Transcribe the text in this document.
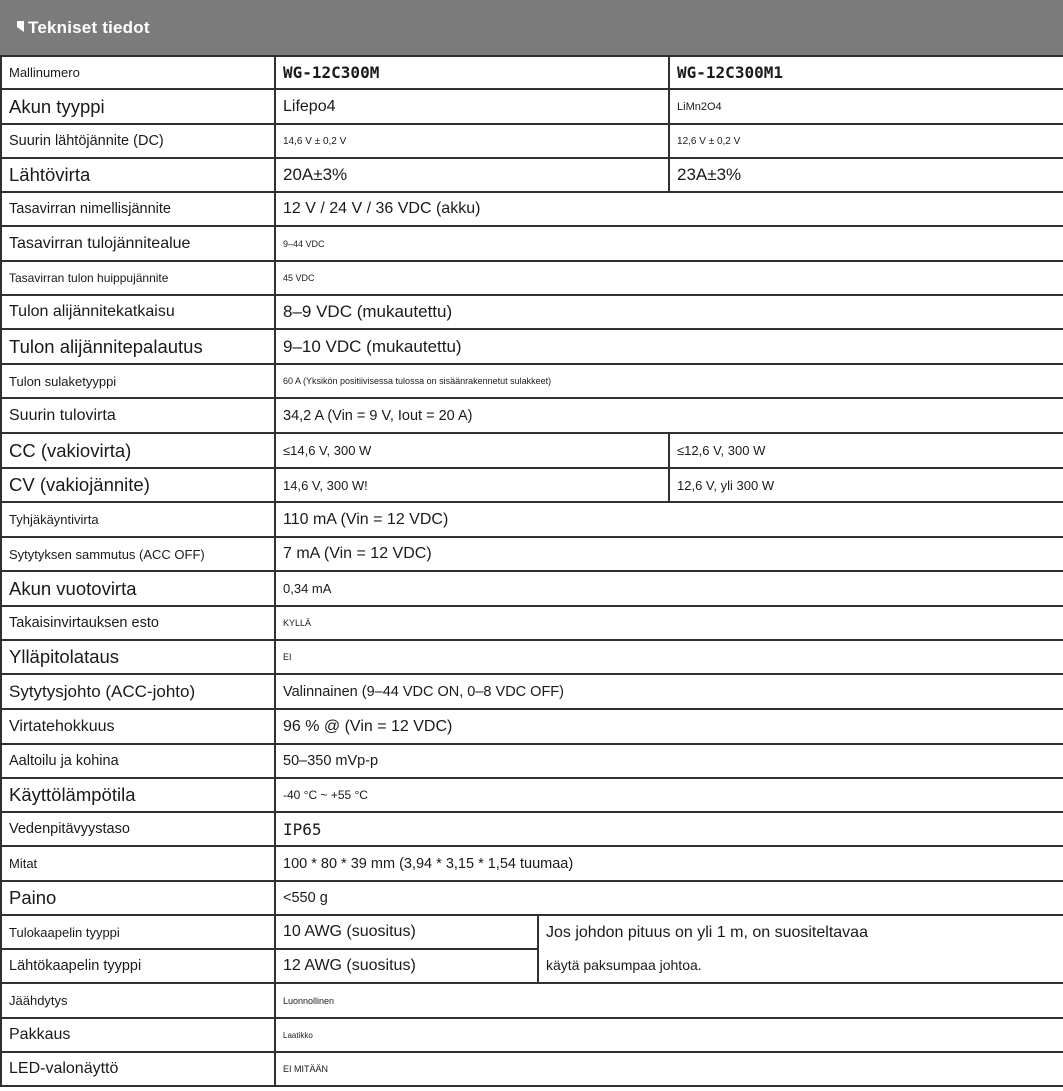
Tekniset tiedot
Mallinumero	WG-12C300M		WG-12C300M1
Akun tyyppi	Lifepo4		LiMn2O4
Suurin lähtöjännite (DC)	14,6 V ± 0,2 V		12,6 V ± 0,2 V
Lähtövirta	20A±3%		23A±3%
Tasavirran nimellisjännite	12 V / 24 V / 36 VDC (akku)		
Tasavirran tulojännitealue	9–44 VDC		
Tasavirran tulon huippujännite	45 VDC		
Tulon alijännitekatkaisu	8–9 VDC (mukautettu)		
Tulon alijännitepalautus	9–10 VDC (mukautettu)		
Tulon sulaketyyppi	60 A (Yksikön positiivisessa tulossa on sisäänrakennetut sulakkeet)		
Suurin tulovirta	34,2 A (Vin = 9 V, Iout = 20 A)		
CC (vakiovirta)	≤14,6 V, 300 W		≤12,6 V, 300 W
CV (vakiojännite)	14,6 V, 300 W!		12,6 V, yli 300 W
Tyhjäkäyntivirta	110 mA (Vin = 12 VDC)		
Sytytyksen sammutus (ACC OFF)	7 mA (Vin = 12 VDC)		
Akun vuotovirta	0,34 mA		
Takaisinvirtauksen esto	KYLLÄ		
Ylläpitolataus	EI		
Sytytysjohto (ACC-johto)	Valinnainen (9–44 VDC ON, 0–8 VDC OFF)		
Virtatehokkuus	96 % @ (Vin = 12 VDC)		
Aaltoilu ja kohina	50–350 mVp-p		
Käyttölämpötila	-40 °C ~ +55 °C		
Vedenpitävyystaso	IP65		
Mitat	100 * 80 * 39 mm (3,94 * 3,15 * 1,54 tuumaa)		
Paino	<550 g		
Tulokaapelin tyyppi	10 AWG (suositus)	Jos johdon pituus on yli 1 m, on suositeltavaa
käytä paksumpaa johtoa.	

Lähtökaapelin tyyppi	12 AWG (suositus)		
Jäähdytys	Luonnollinen		
Pakkaus	Laatikko		
LED-valonäyttö	EI MITÄÄN		
